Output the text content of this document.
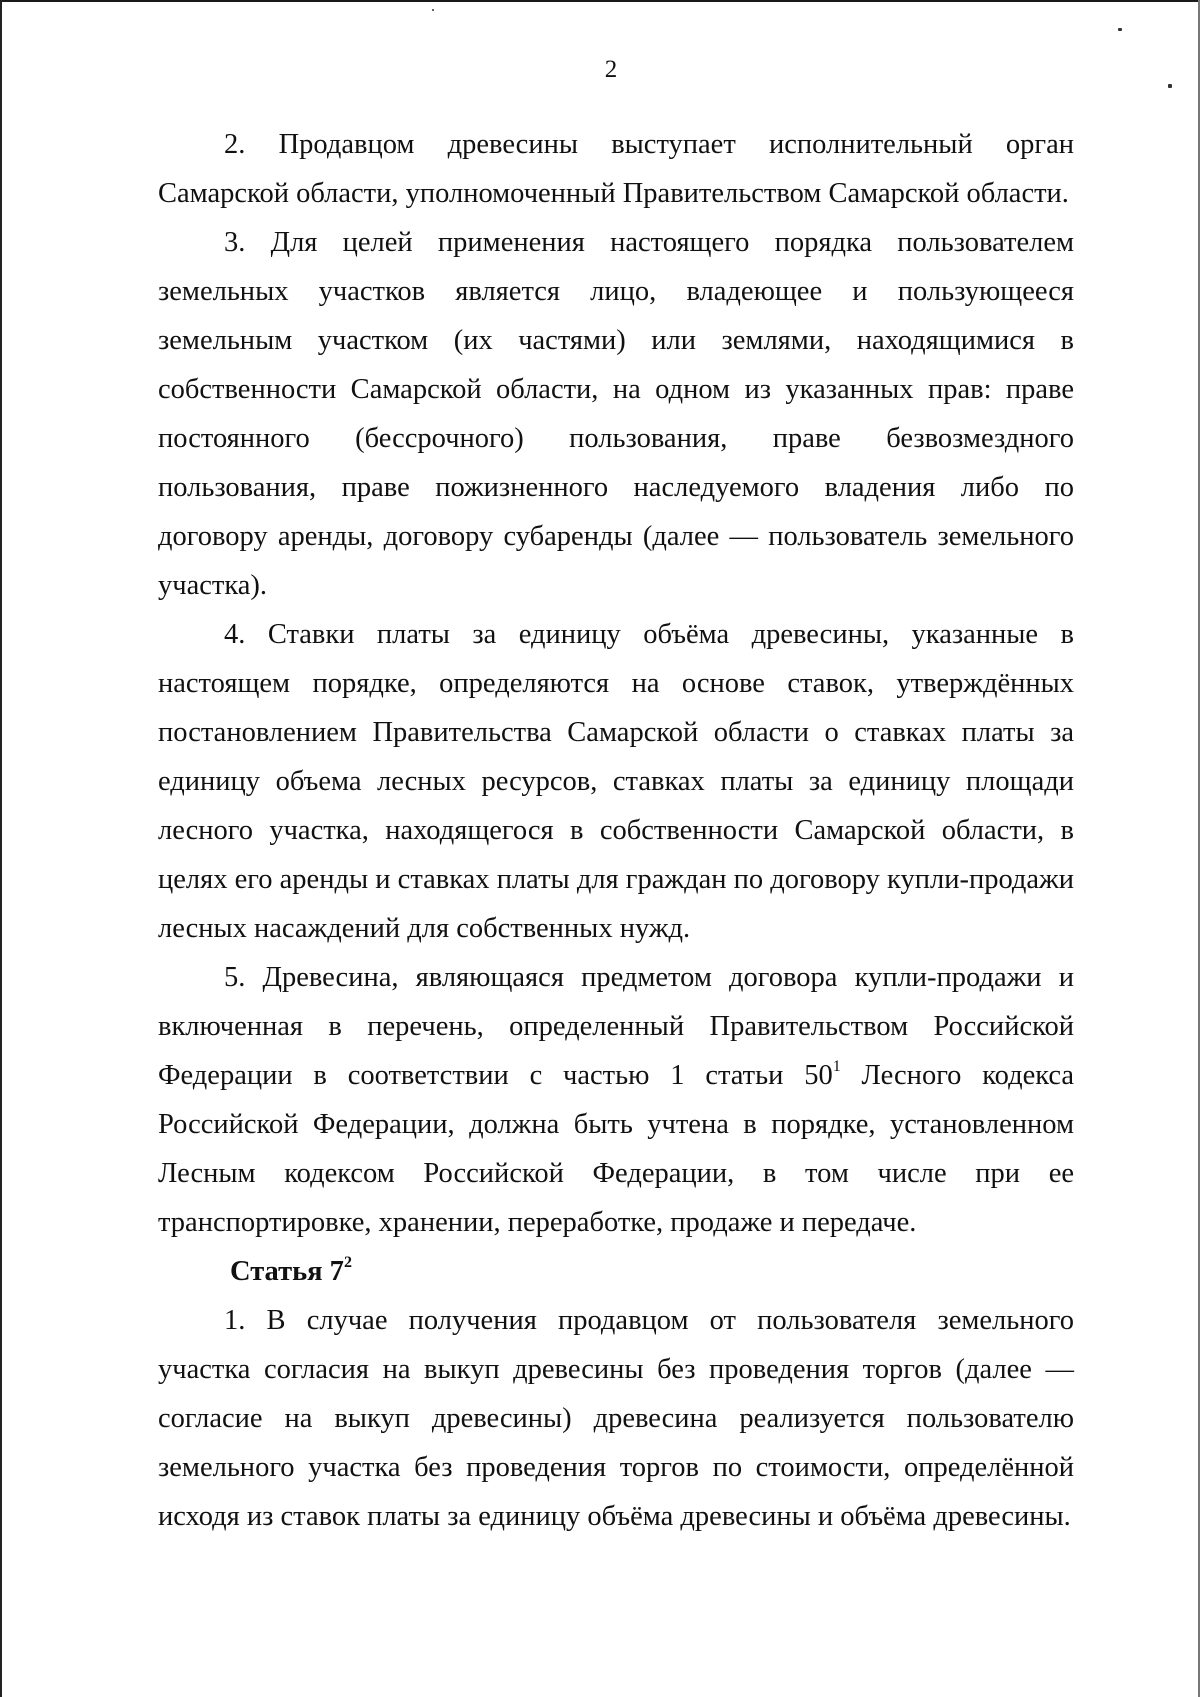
2

2. Продавцом древесины выступает исполнительный орган Самарской области, уполномоченный Правительством Самарской области.

3. Для целей применения настоящего порядка пользователем земельных участков является лицо, владеющее и пользующееся земельным участком (их частями) или землями, находящимися в собственности Самарской области, на одном из указанных прав: праве постоянного (бессрочного) пользования, праве безвозмездного пользования, праве пожизненного наследуемого владения либо по договору аренды, договору субаренды (далее — пользователь земельного участка).

4. Ставки платы за единицу объёма древесины, указанные в настоящем порядке, определяются на основе ставок, утверждённых постановлением Правительства Самарской области о ставках платы за единицу объема лесных ресурсов, ставках платы за единицу площади лесного участка, находящегося в собственности Самарской области, в целях его аренды и ставках платы для граждан по договору купли-продажи лесных насаждений для собственных нужд.

5. Древесина, являющаяся предметом договора купли-продажи и включенная в перечень, определенный Правительством Российской Федерации в соответствии с частью 1 статьи $50^1$ Лесного кодекса Российской Федерации, должна быть учтена в порядке, установленном Лесным кодексом Российской Федерации, в том числе при ее транспортировке, хранении, переработке, продаже и передаче.

Статья $7^2$

1. В случае получения продавцом от пользователя земельного участка согласия на выкуп древесины без проведения торгов (далее — согласие на выкуп древесины) древесина реализуется пользователю земельного участка без проведения торгов по стоимости, определённой исходя из ставок платы за единицу объёма древесины и объёма древесины.
